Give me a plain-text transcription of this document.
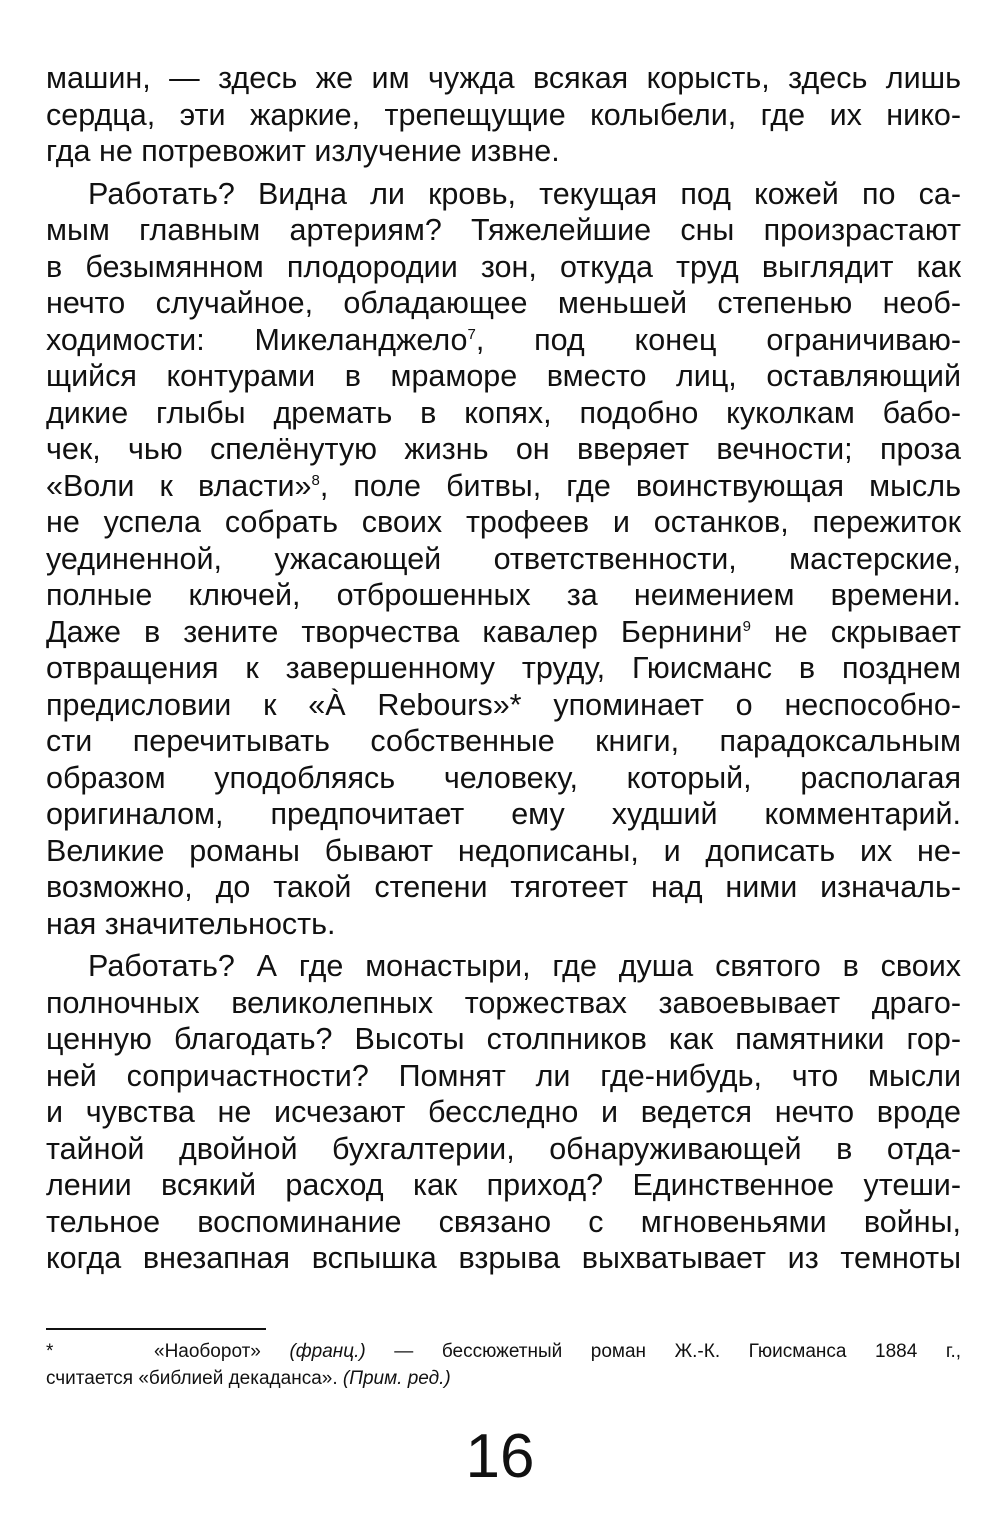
машин, — здесь же им чужда всякая корысть, здесь лишь
сердца, эти жаркие, трепещущие колыбели, где их нико-
гда не потревожит излучение извне.
Работать? Видна ли кровь, текущая под кожей по са-
мым главным артериям? Тяжелейшие сны произрастают
в безымянном плодородии зон, откуда труд выглядит как
нечто случайное, обладающее меньшей степенью необ-
ходимости: Микеланджело$^7$, под конец ограничиваю-
щийся контурами в мраморе вместо лиц, оставляющий
дикие глыбы дремать в копях, подобно куколкам бабо-
чек, чью спелёнутую жизнь он вверяет вечности; проза
«Воли к власти»$^8$, поле битвы, где воинствующая мысль
не успела собрать своих трофеев и останков, пережиток
уединенной, ужасающей ответственности, мастерские,
полные ключей, отброшенных за неимением времени.
Даже в зените творчества кавалер Бернини$^9$ не скрывает
отвращения к завершенному труду, Гюисманс в позднем
предисловии к «À Rebours»* упоминает о неспособно-
сти перечитывать собственные книги, парадоксальным
образом уподобляясь человеку, который, располагая
оригиналом, предпочитает ему худший комментарий.
Великие романы бывают недописаны, и дописать их не-
возможно, до такой степени тяготеет над ними изначаль-
ная значительность.
Работать? А где монастыри, где душа святого в своих
полночных великолепных торжествах завоевывает драго-
ценную благодать? Высоты столпников как памятники гор-
ней сопричастности? Помнят ли где-нибудь, что мысли
и чувства не исчезают бесследно и ведется нечто вроде
тайной двойной бухгалтерии, обнаруживающей в отда-
лении всякий расход как приход? Единственное утеши-
тельное воспоминание связано с мгновеньями войны,
когда внезапная вспышка взрыва выхватывает из темноты
*	«Наоборот» (франц.) — бессюжетный роман Ж.-К. Гюисманса 1884 г.,
считается «библией декаданса». (Прим. ред.)
16
